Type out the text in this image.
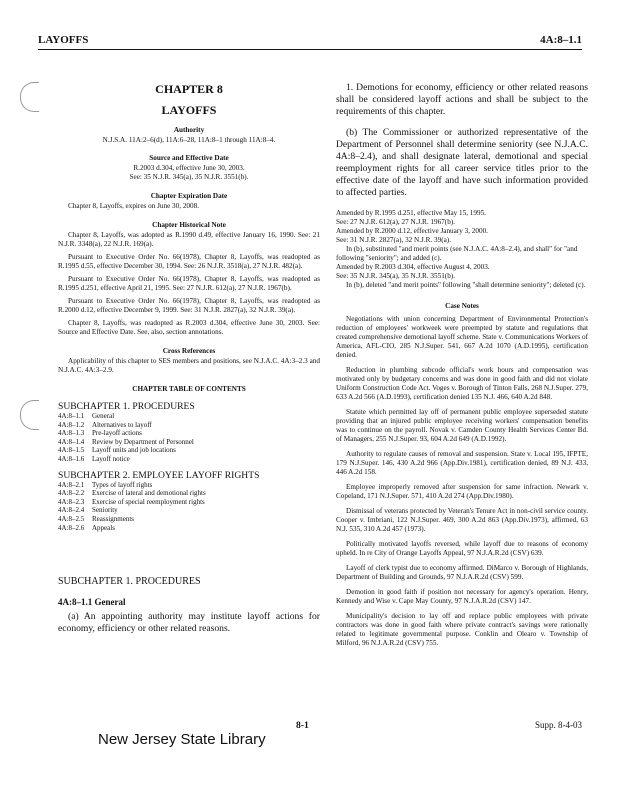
LAYOFFS	4A:8–1.1
CHAPTER 8
LAYOFFS
Authority
N.J.S.A. 11A:2–6(d), 11A:6–28, 11A:8–1 through 11A:8–4.
Source and Effective Date
R.2003 d.304, effective June 30, 2003.
See: 35 N.J.R. 345(a), 35 N.J.R. 3551(b).
Chapter Expiration Date
Chapter 8, Layoffs, expires on June 30, 2008.
Chapter Historical Note
Chapter 8, Layoffs, was adopted as R.1990 d.49, effective January 16, 1990. See: 21 N.J.R. 3348(a), 22 N.J.R. 169(a).
Pursuant to Executive Order No. 66(1978), Chapter 8, Layoffs, was readopted as R.1995 d.55, effective December 30, 1994. See: 26 N.J.R. 3518(a), 27 N.J.R. 482(a).
Pursuant to Executive Order No. 66(1978), Chapter 8, Layoffs, was readopted as R.1995 d.251, effective April 21, 1995. See: 27 N.J.R. 612(a), 27 N.J.R. 1967(b).
Pursuant to Executive Order No. 66(1978), Chapter 8, Layoffs, was readopted as R.2000 d.12, effective December 9, 1999. See: 31 N.J.R. 2827(a), 32 N.J.R. 39(a).
Chapter 8, Layoffs, was readopted as R.2003 d.304, effective June 30, 2003. See: Source and Effective Date. See, also, section annotations.
Cross References
Applicability of this chapter to SES members and positions, see N.J.A.C. 4A:3–2.3 and N.J.A.C. 4A:3–2.9.
CHAPTER TABLE OF CONTENTS
SUBCHAPTER 1. PROCEDURES
4A:8–1.1	General
4A:8–1.2	Alternatives to layoff
4A:8–1.3	Pre-layoff actions
4A:8–1.4	Review by Department of Personnel
4A:8–1.5	Layoff units and job locations
4A:8–1.6	Layoff notice
SUBCHAPTER 2. EMPLOYEE LAYOFF RIGHTS
4A:8–2.1	Types of layoff rights
4A:8–2.2	Exercise of lateral and demotional rights
4A:8–2.3	Exercise of special reemployment rights
4A:8–2.4	Seniority
4A:8–2.5	Reassignments
4A:8–2.6	Appeals
SUBCHAPTER 1. PROCEDURES
4A:8–1.1 General
(a) An appointing authority may institute layoff actions for economy, efficiency or other related reasons.
1. Demotions for economy, efficiency or other related reasons shall be considered layoff actions and shall be subject to the requirements of this chapter.
(b) The Commissioner or authorized representative of the Department of Personnel shall determine seniority (see N.J.A.C. 4A:8–2.4), and shall designate lateral, demotional and special reemployment rights for all career service titles prior to the effective date of the layoff and have such information provided to affected parties.
Amended by R.1995 d.251, effective May 15, 1995.
See: 27 N.J.R. 612(a), 27 N.J.R. 1967(b).
Amended by R.2000 d.12, effective January 3, 2000.
See: 31 N.J.R. 2827(a), 32 N.J.R. 39(a).
In (b), substituted "and merit points (see N.J.A.C. 4A:8–2.4), and shall" for "and following "seniority"; and added (c).
Amended by R.2003 d.304, effective August 4, 2003.
See: 35 N.J.R. 345(a), 35 N.J.R. 3551(b).
In (b), deleted "and merit points" following "shall determine seniority"; deleted (c).
Case Notes
Negotiations with union concerning Department of Environmental Protection's reduction of employees' workweek were preempted by statute and regulations that created comprehensive demotional layoff scheme. State v. Communications Workers of America, AFL-CIO, 285 N.J.Super. 541, 667 A.2d 1070 (A.D.1995), certification denied.
Reduction in plumbing subcode official's work hours and compensation was motivated only by budgetary concerns and was done in good faith and did not violate Uniform Construction Code Act. Voges v. Borough of Tinton Falls, 268 N.J.Super. 279, 633 A.2d 566 (A.D.1993), certification denied 135 N.J. 466, 640 A.2d 848.
Statute which permitted lay off of permanent public employee superseded statute providing that an injured public employee receiving workers' compensation benefits was to continue on the payroll. Novak v. Camden County Health Services Center Bd. of Managers, 255 N.J.Super. 93, 604 A.2d 649 (A.D.1992).
Authority to regulate causes of removal and suspension. State v. Local 195, IFPTE, 179 N.J.Super. 146, 430 A.2d 966 (App.Div.1981), certification denied, 89 N.J. 433, 446 A.2d 158.
Employee improperly removed after suspension for same infraction. Newark v. Copeland, 171 N.J.Super. 571, 410 A.2d 274 (App.Div.1980).
Dismissal of veterans protected by Veteran's Tenure Act in non-civil service county. Cooper v. Imbriani, 122 N.J.Super. 469, 300 A.2d 863 (App.Div.1973), affirmed, 63 N.J. 535, 310 A.2d 457 (1973).
Politically motivated layoffs reversed, while layoff due to reasons of economy upheld. In re City of Orange Layoffs Appeal, 97 N.J.A.R.2d (CSV) 639.
Layoff of clerk typist due to economy affirmed. DiMarco v. Borough of Highlands, Department of Building and Grounds, 97 N.J.A.R.2d (CSV) 599.
Demotion in good faith if position not necessary for agency's operation. Henry, Kennedy and Wise v. Cape May County, 97 N.J.A.R.2d (CSV) 147.
Municipality's decision to lay off and replace public employees with private contractors was done in good faith where private contract's savings were rationally related to legitimate governmental purpose. Conklin and Olearo v. Township of Milford, 96 N.J.A.R.2d (CSV) 755.
8-1	Supp. 8-4-03
New Jersey State Library
